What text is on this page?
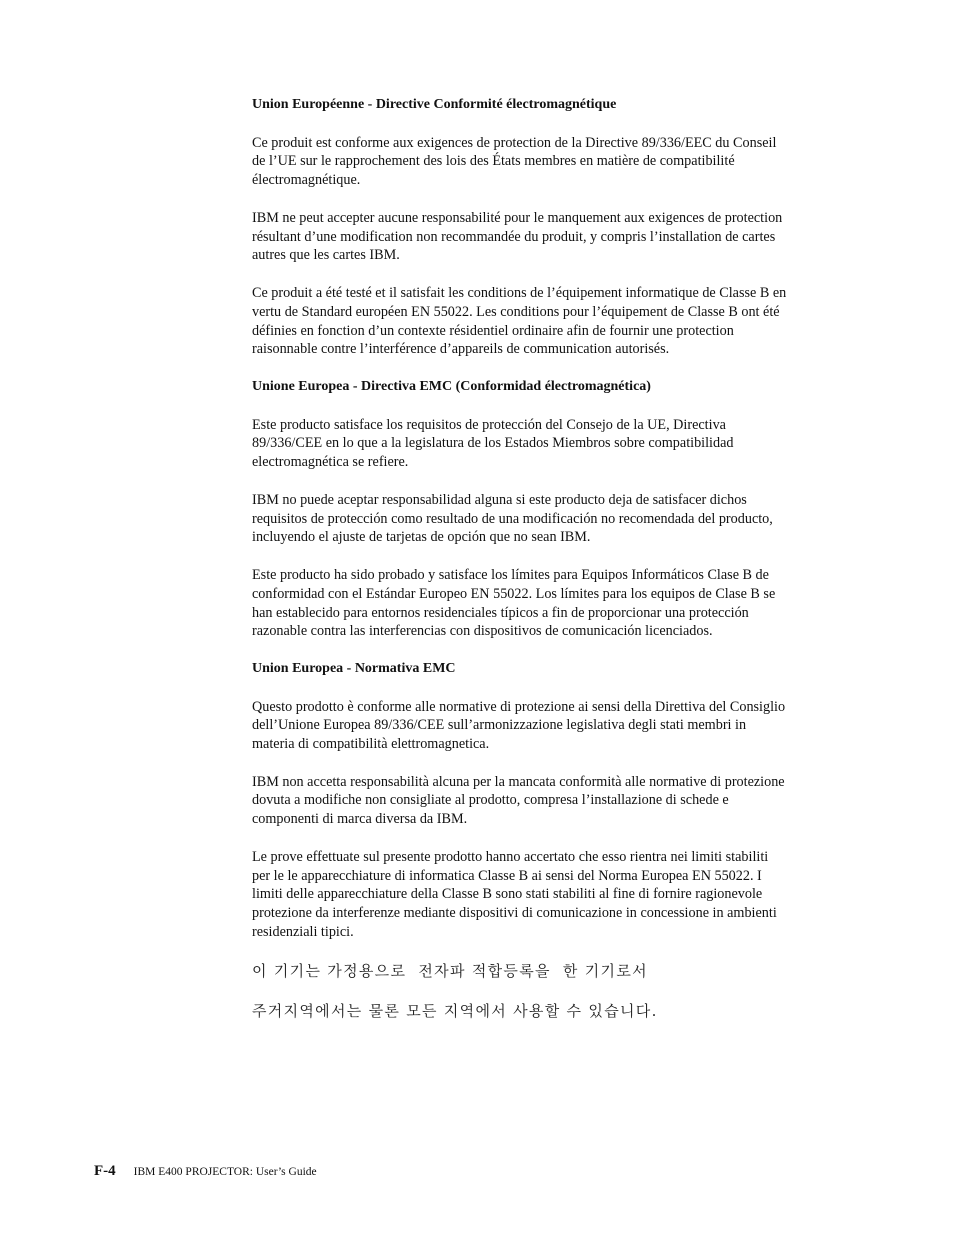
Union Européenne - Directive Conformité électromagnétique
Ce produit est conforme aux exigences de protection de la Directive 89/336/EEC du Conseil
de l’UE sur le rapprochement des lois des États membres en matière de compatibilité
électromagnétique.
IBM ne peut accepter aucune responsabilité pour le manquement aux exigences de protection
résultant d’une modification non recommandée du produit, y compris l’installation de cartes
autres que les cartes IBM.
Ce produit a été testé et il satisfait les conditions de l’équipement informatique de Classe B en
vertu de Standard européen EN 55022. Les conditions pour l’équipement de Classe B ont été
définies en fonction d’un contexte résidentiel ordinaire afin de fournir une protection
raisonnable contre l’interférence d’appareils de communication autorisés.
Unione Europea - Directiva EMC (Conformidad électromagnética)
Este producto satisface los requisitos de protección del Consejo de la UE, Directiva
89/336/CEE en lo que a la legislatura de los Estados Miembros sobre compatibilidad
electromagnética se refiere.
IBM no puede aceptar responsabilidad alguna si este producto deja de satisfacer dichos
requisitos de protección como resultado de una modificación no recomendada del producto,
incluyendo el ajuste de tarjetas de opción que no sean IBM.
Este producto ha sido probado y satisface los límites para Equipos Informáticos Clase B de
conformidad con el Estándar Europeo EN 55022. Los límites para los equipos de Clase B se
han establecido para entornos residenciales típicos a fin de proporcionar una protección
razonable contra las interferencias con dispositivos de comunicación licenciados.
Union Europea - Normativa EMC
Questo prodotto è conforme alle normative di protezione ai sensi della Direttiva del Consiglio
dell’Unione Europea 89/336/CEE sull’armonizzazione legislativa degli stati membri in
materia di compatibilità elettromagnetica.
IBM non accetta responsabilità alcuna per la mancata conformità alle normative di protezione
dovuta a modifiche non consigliate al prodotto, compresa l’installazione di schede e
componenti di marca diversa da IBM.
Le prove effettuate sul presente prodotto hanno accertato che esso rientra nei limiti stabiliti
per le le apparecchiature di informatica Classe B ai sensi del Norma Europea EN 55022. I
limiti delle apparecchiature della Classe B sono stati stabiliti al fine di fornire ragionevole
protezione da interferenze mediante dispositivi di comunicazione in concessione in ambienti
residenziali tipici.
이 기기는 가정용으로  전자파 적합등록을  한 기기로서
주거지역에서는 물론 모든 지역에서 사용할 수 있습니다.
F-4 IBM E400 PROJECTOR: User’s Guide
